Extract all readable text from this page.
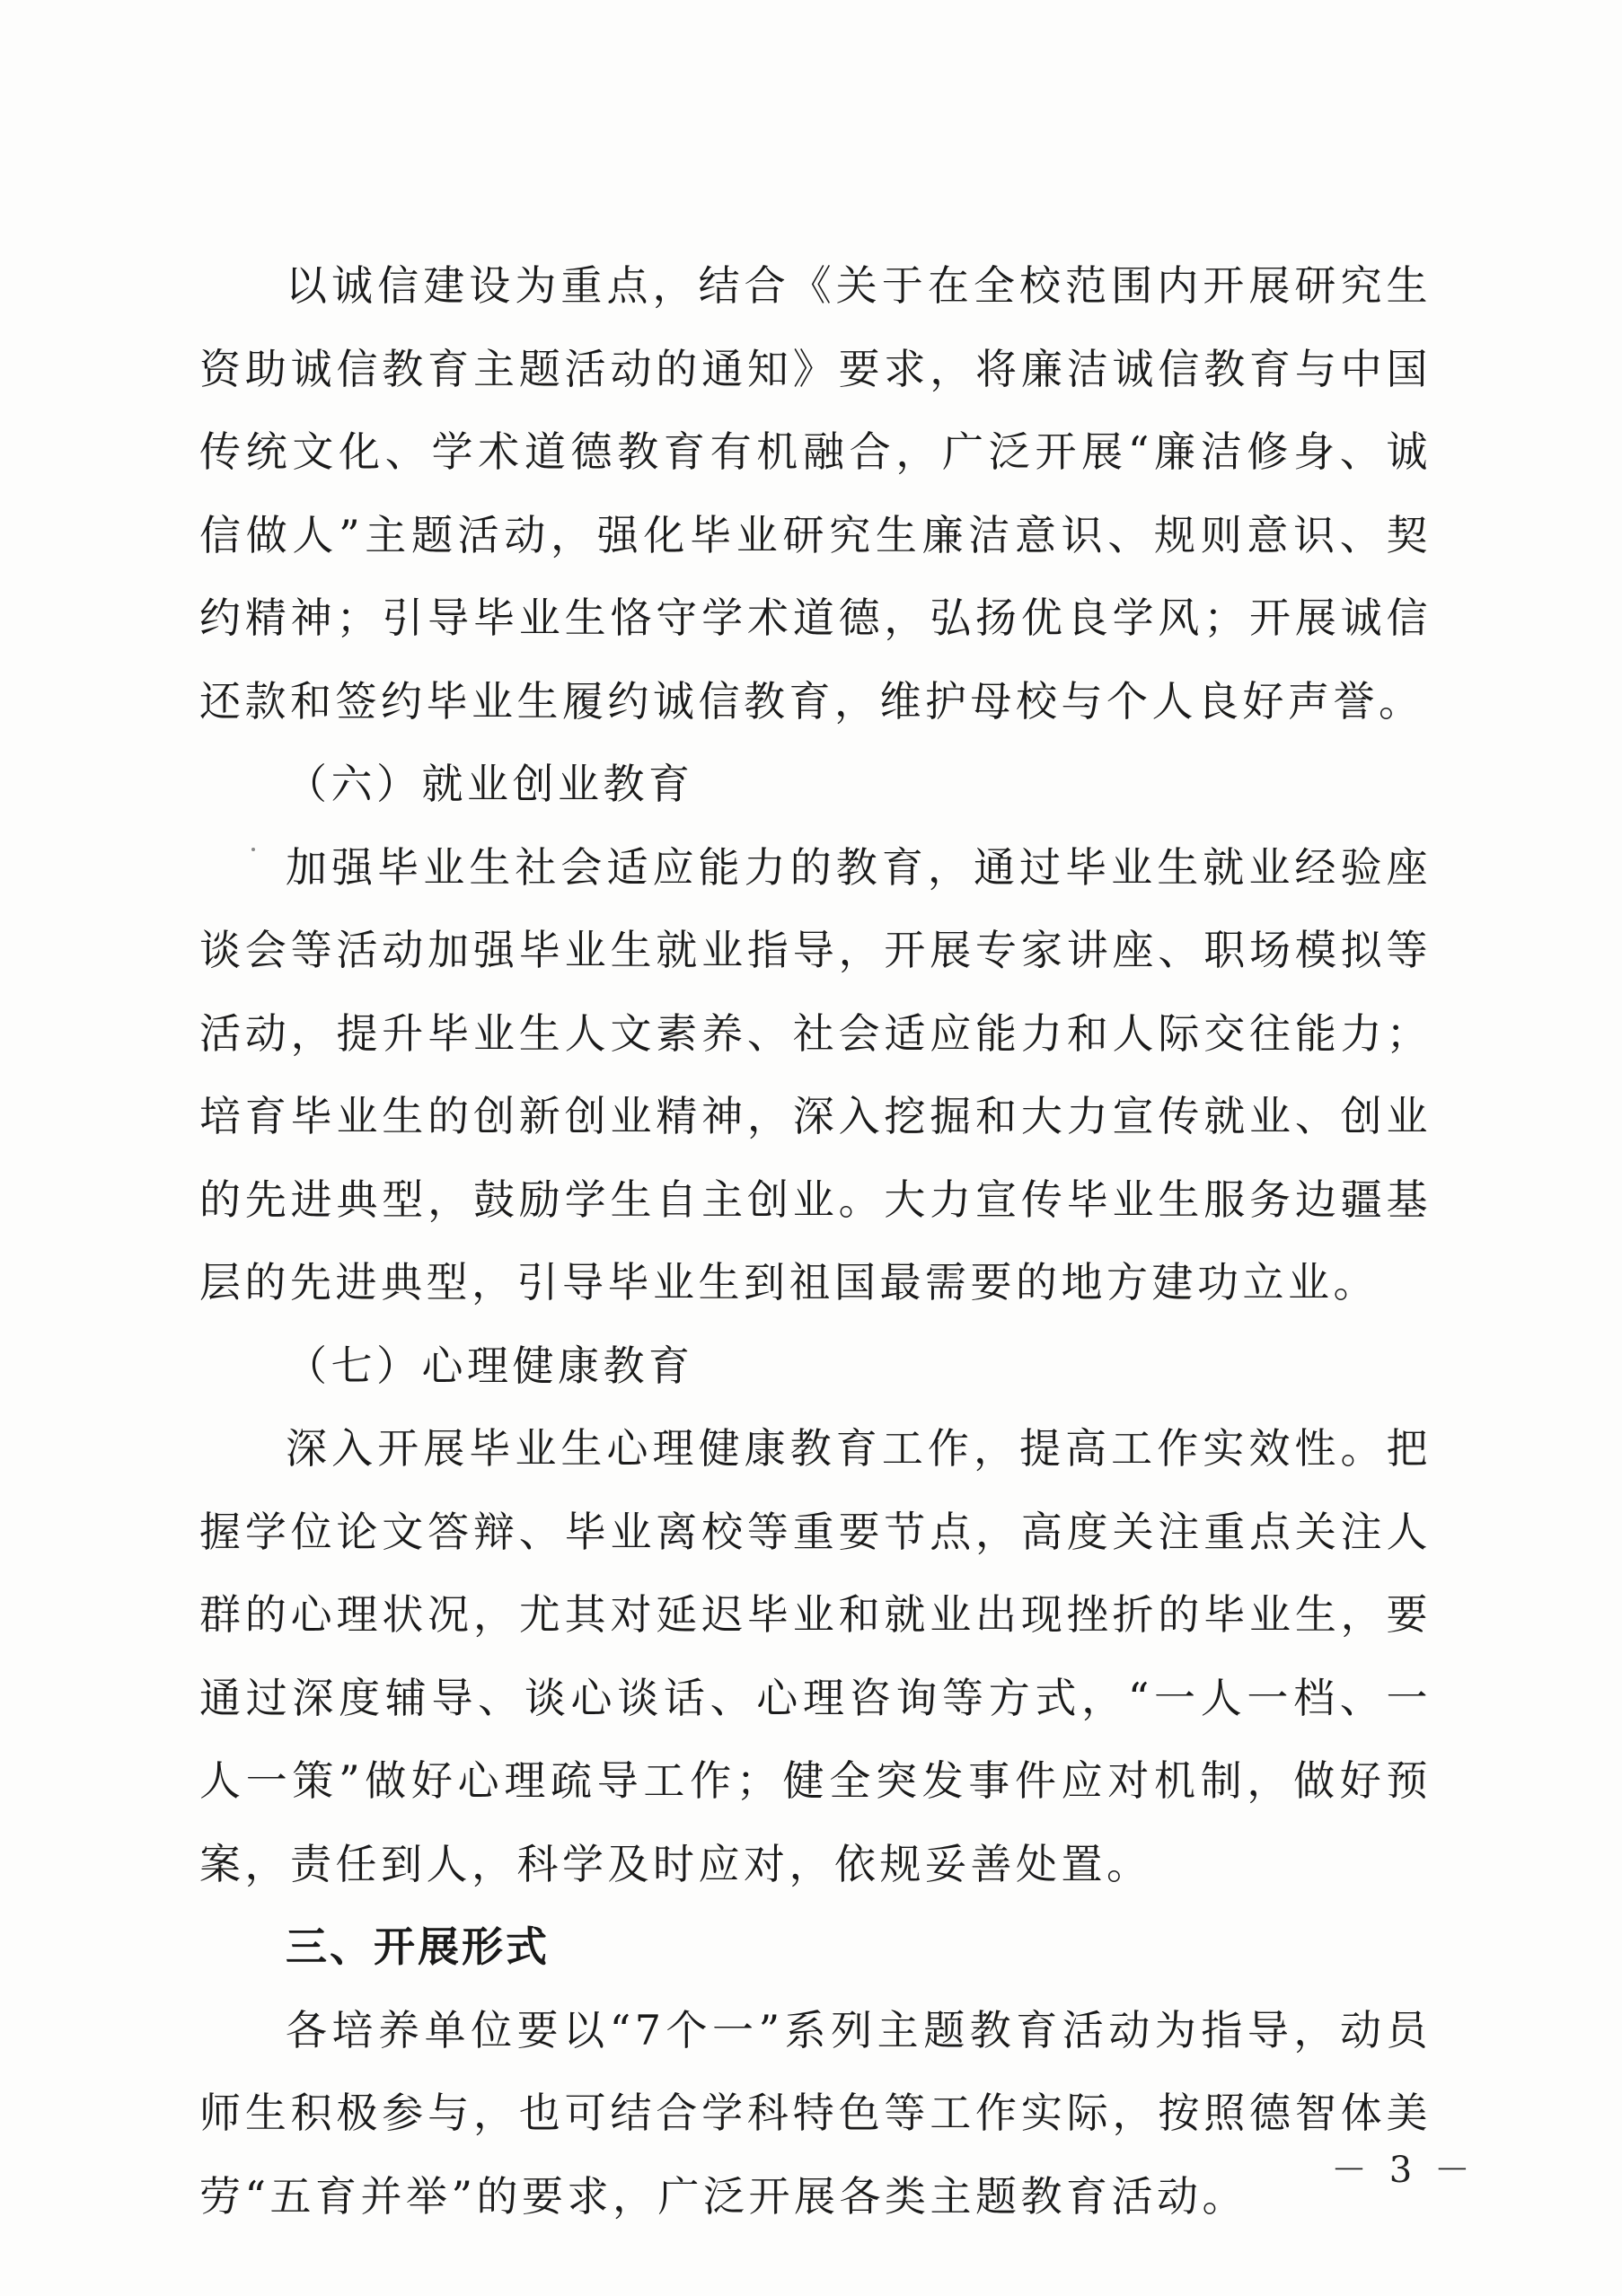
以诚信建设为重点，结合《关于在全校范围内开展研究生资助诚信教育主题活动的通知》要求，将廉洁诚信教育与中国传统文化、学术道德教育有机融合，广泛开展“廉洁修身、诚信做人”主题活动，强化毕业研究生廉洁意识、规则意识、契约精神；引导毕业生恪守学术道德，弘扬优良学风；开展诚信还款和签约毕业生履约诚信教育，维护母校与个人良好声誉。

（六）就业创业教育

加强毕业生社会适应能力的教育，通过毕业生就业经验座谈会等活动加强毕业生就业指导，开展专家讲座、职场模拟等活动，提升毕业生人文素养、社会适应能力和人际交往能力；培育毕业生的创新创业精神，深入挖掘和大力宣传就业、创业的先进典型，鼓励学生自主创业。大力宣传毕业生服务边疆基层的先进典型，引导毕业生到祖国最需要的地方建功立业。

（七）心理健康教育

深入开展毕业生心理健康教育工作，提高工作实效性。把握学位论文答辩、毕业离校等重要节点，高度关注重点关注人群的心理状况，尤其对延迟毕业和就业出现挫折的毕业生，要通过深度辅导、谈心谈话、心理咨询等方式，“一人一档、一人一策”做好心理疏导工作；健全突发事件应对机制，做好预案，责任到人，科学及时应对，依规妥善处置。

三、开展形式

各培养单位要以“7个一”系列主题教育活动为指导，动员师生积极参与，也可结合学科特色等工作实际，按照德智体美劳“五育并举”的要求，广泛开展各类主题教育活动。

－ 3 －
